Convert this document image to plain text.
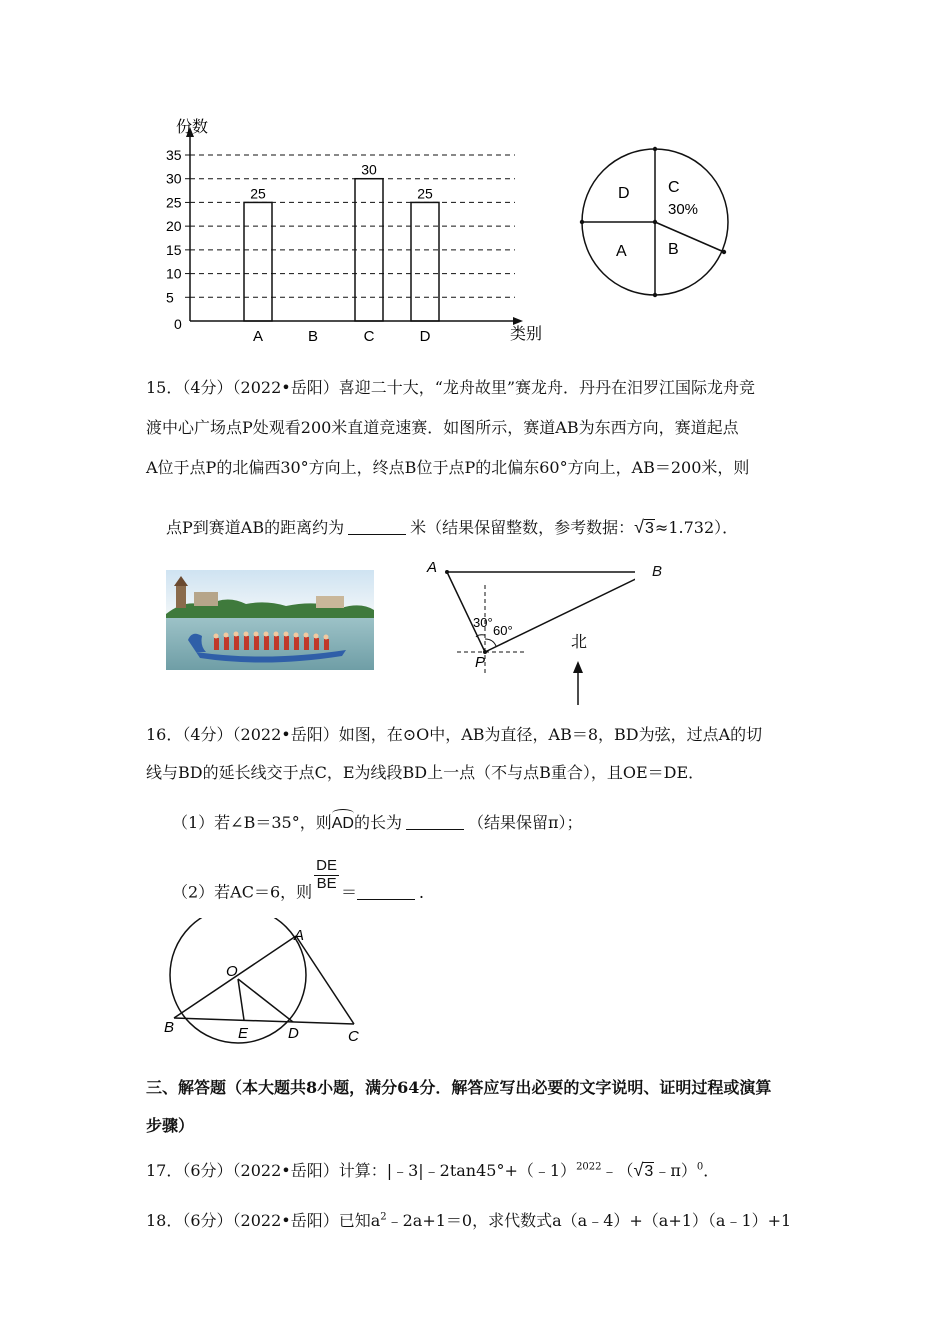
25
30
25
0
5
10
15
20
25
30
35
A	B	C	D
份数
类别
D C
30%
A	B
15．（4分）（2022•岳阳）喜迎二十大，“龙舟故里”赛龙舟．丹丹在汨罗江国际龙舟竞
渡中心广场点P处观看200米直道竞速赛．如图所示，赛道AB为东西方向，赛道起点
A位于点P的北偏西30°方向上，终点B位于点P的北偏东60°方向上，AB＝200米，则
点P到赛道AB的距离约为	米（结果保留整数，参考数据：√3≈1.732）．
A
P
30°
60°
北
B
16．（4分）（2022•岳阳）如图，在⊙O中，AB为直径，AB＝8，BD为弦，过点A的切
线与BD的延长线交于点C，E为线段BD上一点（不与点B重合），且OE＝DE．
（1）若∠B＝35°，则AD的长为	（结果保留π）；
（2）若AC＝6，则 $\frac{DE}{BE}$ ＝	．
B
A
O
E	D	C
三、解答题（本大题共8小题，满分64分．解答应写出必要的文字说明、证明过程或演算
步骤）
17．（6分）（2022•岳阳）计算：|﹣3|﹣2tan45°+（﹣1）$^{2022}$﹣（√3﹣π）$^0$．
18．（6分）（2022•岳阳）已知$a^2﹣2a+1=0$，求代数式a（a﹣4）+（a+1）（a﹣1）+1
